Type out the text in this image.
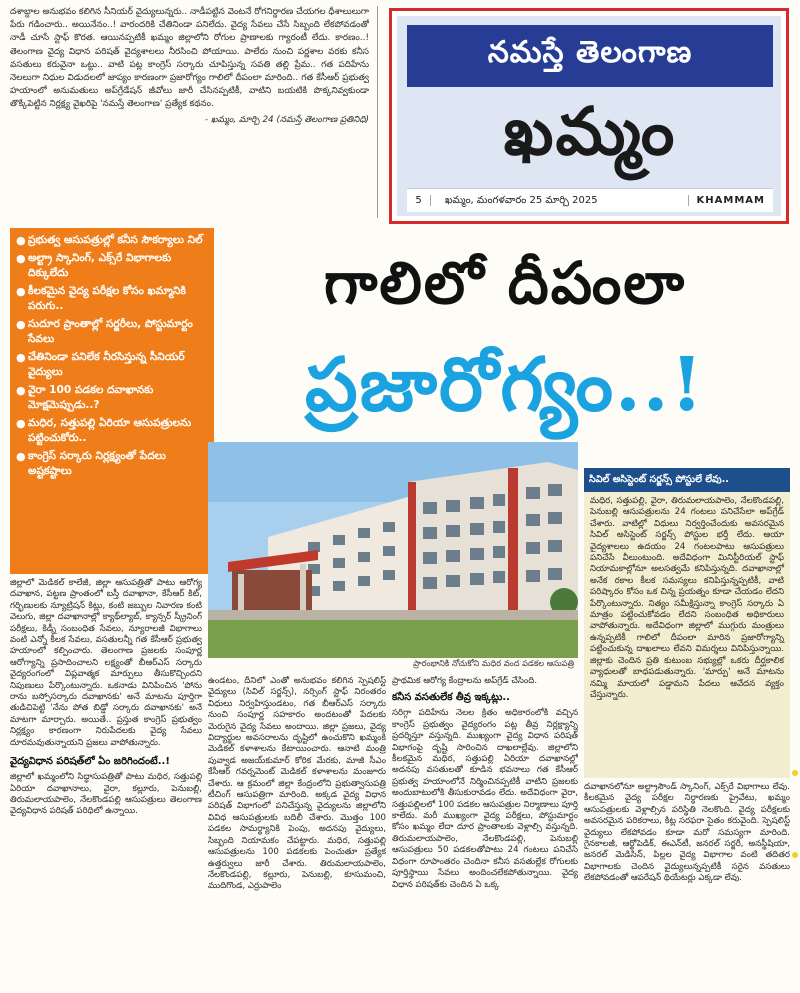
దశాబ్దాల అనుభవం కలిగిన సీనియర్ వైద్యులున్నరు.. నాడీపట్టిన వెంటనే రోగనిర్ధారణ చేయగల ధీశాలులుగా పేరు గడించారు.. అయినేనం..! వారందరికి చేతినిండా పనిలేదు. వైద్య సేవలు చేసే సిబ్బంది లేకపోవడంతో నాడీ చూసే స్టాఫ్ కొరత. ఆయినప్పటికీ ఖమ్మం జిల్లాలోని రోగుల ప్రాణాలకు గ్యారంటీ లేదు. కారణం..! తెలంగాణ వైద్య విధాన పరిషత్ వైద్యశాలలు నీరసించి పోయాయి. పాలేరు నుంచి పర్ణశాల వరకు కనీస వసతులు కరువైనా ఒట్టు.. వాటి పట్ల కాంగ్రెస్ సర్కారు చూపిస్తున్న సవతి తల్లి ప్రేమ.. గత పదిహేను నెలలుగా నిధుల విడుదలలో జాప్యం కారణంగా ప్రజారోగ్యం గాలిలో దీపంలా మారింది.. గత కేసీఆర్ ప్రభుత్వ హయాంలో అనుమతులు అప్‌గ్రేడేషన్ జీవోలు జారీ చేసినప్పటికీ, వాటిని బయటికి పొక్కనివ్వకుండా తొక్కిపెట్టిన నిర్లక్ష్య వైఖరిపై 'నమస్తే తెలంగాణ' ప్రత్యేక కథనం.

- ఖమ్మం, మార్చి 24 (నమస్తే తెలంగాణ ప్రతినిధి)

నమస్తే తెలంగాణ
ఖమ్మం
5	ఖమ్మం, మంగళవారం 25 మార్చి 2025	KHAMMAM
● ప్రభుత్వ ఆసుపత్రుల్లో కనీస సౌకర్యాలు నిల్
● అల్ట్రా స్కానింగ్, ఎక్స్‌రే విభాగాలకు దిక్కులేదు
● కీలకమైన వైద్య పరీక్షల కోసం ఖమ్మానికి పరుగు..
● సుదూర ప్రాంతాల్లో సర్జరీలు, పోస్టుమార్టం సేవలు
● చేతినిండా పనిలేక నీరసిస్తున్న సీనియర్ వైద్యులు
● వైరా 100 పడకల దవాఖానకు మోక్షమెప్పుడు..?
● మధిర, సత్తుపల్లి ఏరియా ఆసుపత్రులను పట్టించుకోరు..
● కాంగ్రెస్ సర్కారు నిర్లక్ష్యంతో పేదలు అష్టకష్టాలు
గాలిలో దీపంలా
ప్రజారోగ్యం..!
ప్రారంభానికి నోచుకోని మధిర వంద పడకల ఆసుపత్రి
సివిల్ అసిస్టెంట్ సర్జన్స్ పోస్టులే లేవు..
మధిర, సత్తుపల్లి, వైరా, తిరుమలాయపాలెం, నేలకొండపల్లి, పెనుబల్లి ఆసుపత్రులను 24 గంటలు పనిచేసేలా అప్‌గ్రేడ్ చేశారు. వాటిల్లో విధులు నిర్వర్తించేందుకు అవసరమైన సివిల్ అసిస్టెంట్ సర్జన్స్ పోస్టుల భర్తీ లేదు. ఆయా వైద్యశాలలు ఉదయం 24 గంటలపాటు ఆసుపత్రులు పనిచేసే వీలుంటుంది. అదేవిధంగా మినిస్టీరియల్ స్టాఫ్ నియామకాల్లోనూ అలసత్వమే కనిపిస్తున్నది. దవాఖానాల్లో అనేక రకాల కీలక సమస్యలు కనిపిస్తున్నప్పటికీ, వాటి పరిష్కారం కోసం ఒక చిన్న ప్రయత్నం కూడా చేయడం లేదని పేర్కొంటున్నారు. నిత్యం సమీక్షిస్తున్నా కాంగ్రెస్ సర్కారు ఏ మాత్రం పట్టించుకోవడం లేదని సంబంధిత అధికారులు వాపోతున్నారు. అదేవిధంగా జిల్లాలో ముగ్గురు మంత్రులు ఉన్నప్పటికీ గాలిలో దీపంలా మారిన ప్రజారోగ్యాన్ని పట్టించుకున్న దాఖలాలు లేవని విమర్శలు వినిపిస్తున్నాయి. జిల్లాకు చెందిన ప్రతి కుటుంబ సభ్యుల్లో ఒకరు దీర్ఘకాలిక వ్యాధులతో బాధపడుతున్నారు. 'మార్పు' అనే మాటను నమ్మి మాయలో పడ్డామని పేదలు ఆవేదన వ్యక్తం చేస్తున్నారు.

జిల్లాలో మెడికల్ కాలేజీ, జిల్లా ఆసుపత్రితో పాటు ఆరోగ్య దవాఖాన, పట్టణ ప్రాంతంలో బస్తీ దవాఖానా, కేసీఆర్ కిట్, గర్భిణులకు న్యూట్రిషన్ కిట్లు, కంటి జబ్బుల నివారణ కంటి వెలుగు, జిల్లా దవాఖానాల్లో క్యాథ్‌ల్యాబ్, క్యాన్సర్ స్క్రీనింగ్ పరీక్షలు, కిడ్నీ సంబంధిత సేవలు, న్యూరాలజీ విభాగాలు వంటి ఎన్నో కీలక సేవలు, వసతులన్నీ గత కేసీఆర్ ప్రభుత్వ హయాంలో కల్పించారు. తెలంగాణ ప్రజలకు సంపూర్ణ ఆరోగ్యాన్ని ప్రసాదించాలని లక్ష్యంతో బీఆర్ఎస్ సర్కారు వైద్యరంగంలో విప్లవాత్మక మార్పులు తీసుకొచ్చిందని నిపుణులు పేర్కొంటున్నారు. ఒకనాడు వినిపించిన 'పోను రాను బస్సోసర్కారు దవాఖానకు' అనే మాటను పూర్తిగా తుడిచిపెట్టి 'నేను పోత బిడ్డో సర్కారు దవాఖానకు' అనే మాటగా మార్చారు. అయితే.. ప్రస్తుత కాంగ్రెస్ ప్రభుత్వం నిర్లక్ష్యం కారణంగా నిరుపేదలకు వైద్య సేవలు దూరమవుతున్నాయని ప్రజలు వాపోతున్నారు.

వైద్యవిధాన పరిషత్‌లో ఏం జరిగిందంటే..!

జిల్లాలో ఖమ్మంలోని సిద్ధాసుపత్రితో పాటు మధిర, సత్తుపల్లి ఏరియా దవాఖానాలు, వైరా, కల్లూరు, పెనుబల్లి, తిరుమలాయపాలెం, నేలకొండపల్లి ఆసుపత్రులు తెలంగాణ వైద్యవిధాన పరిషత్ పరిధిలో ఉన్నాయి.

ఉండటం, దీనిలో ఎంతో అనుభవం కలిగిన స్పెషలిస్ట్ వైద్యులు (సివిల్ సర్జన్స్), నర్సింగ్ స్టాఫ్ నిరంతరం విధులు నిర్వహిస్తుండటం, గత బీఆర్ఎస్ సర్కారు నుంచి సంపూర్ణ సహకారం అందటంతో పేదలకు మెరుగైన వైద్య సేవలు అందాయి. జిల్లా ప్రజలు, వైద్య విద్యార్థుల అవసరాలను దృష్టిలో ఉంచుకొని ఖమ్మంకి మెడికల్ కళాశాలను కేటాయించారు. ఆనాటి మంత్రి పువ్వాడ అజయ్‌కుమార్ కోరిక మేరకు, మాజీ సీఎం కేసీఆర్ గవర్నమెంట్ మెడికల్ కళాశాలను మంజూరు చేశారు. ఆ క్రమంలో జిల్లా కేంద్రంలోని ప్రభుత్వాసుపత్రి టీచింగ్ ఆసుపత్రిగా మారింది. అక్కడ వైద్య విధాన పరిషత్ విభాగంలో పనిచేస్తున్న వైద్యులను జిల్లాలోని వివిధ ఆసుపత్రులకు బదిలీ చేశారు. మొత్తం 100 పడకల సామర్థ్యానికి పెంపు, అదనపు వైద్యులు, సిబ్బంది నియామకం చేపట్టారు. మధిర, సత్తుపల్లి ఆసుపత్రులను 100 పడకలకు పెంచుతూ ప్రత్యేక ఉత్తర్వులు జారీ చేశారు. తిరుమలాయపాలెం, నేలకొండపల్లి, కల్లూరు, పెనుబల్లి, కూసుమంచి, ముదిగొండ, ఎర్రుపాలెం

ప్రాథమిక ఆరోగ్య కేంద్రాలను అప్‌గ్రేడ్ చేసింది.

కనీస వసతులేక తీవ్ర ఇక్కట్లు..

సరిగ్గా పదిహేను నెలల క్రితం అధికారంలోకి వచ్చిన కాంగ్రెస్ ప్రభుత్వం వైద్యరంగం పట్ల తీవ్ర నిర్లక్ష్యాన్ని ప్రదర్శిస్తూ వస్తున్నది. ముఖ్యంగా వైద్య విధాన పరిషత్ విభాగంపై దృష్టి సారించిన దాఖలాల్లేవు. జిల్లాలోని కీలకమైన మధిర, సత్తుపల్లి ఏరియా దవాఖానల్లో అదనపు వసతులతో కూడిన భవనాలు గత కేసీఆర్ ప్రభుత్వ హయాంలోనే నిర్మించినప్పటికీ వాటిని ప్రజలకు అందుబాటులోకి తీసుకురావడం లేదు. అదేవిధంగా వైరా, సత్తుపల్లిలలో 100 పడకల ఆసుపత్రుల నిర్మాణాలు పూర్తి కాలేదు. మరీ ముఖ్యంగా వైద్య పరీక్షలు, పోస్టుమార్టం కోసం ఖమ్మం లేదా దూర ప్రాంతాలకు వెళ్లాల్సి వస్తున్నది. తిరుమలాయపాలెం, నేలకొండపల్లి, పెనుబల్లి ఆసుపత్రులు 50 పడకలతోపాటు 24 గంటలు పనిచేసే విధంగా రూపాంతరం చెందినా కనీస వసతుల్లేక రోగులకు పూర్తిస్థాయి సేవలు అందించలేకపోతున్నాయి. వైద్య విధాన పరిషత్‌కు చెందిన ఏ ఒక్క

దవాఖానలోనూ అల్ట్రాసౌండ్ స్కానింగ్, ఎక్స్‌రే విభాగాలు లేవు. కీలకమైన వైద్య పరీక్షల నిర్ధారణకు ప్రైవేటు, ఖమ్మం ఆసుపత్రులకు వెళ్లాల్సిన పరిస్థితి నెలకొంది. వైద్య పరీక్షలకు అవసరమైన పరికరాలు, కిట్ల సరఫరా సైతం కరువైంది. స్పెషలిస్ట్ వైద్యులు లేకపోవడం కూడా మరో సమస్యగా మారింది. గైనకాలజీ, ఆర్థోపెడిక్, ఈఎన్‌టీ, జనరల్ సర్జరీ, అనస్థీషియా, జనరల్ మెడిసిన్, పిల్లల వైద్య విభాగాల వంటి తదితర విభాగాలకు చెందిన వైద్యులున్నప్పటికీ సరైన వసతులు లేకపోవడంతో ఆపరేషన్ థియేటర్లు ఎక్కడా లేవు.
